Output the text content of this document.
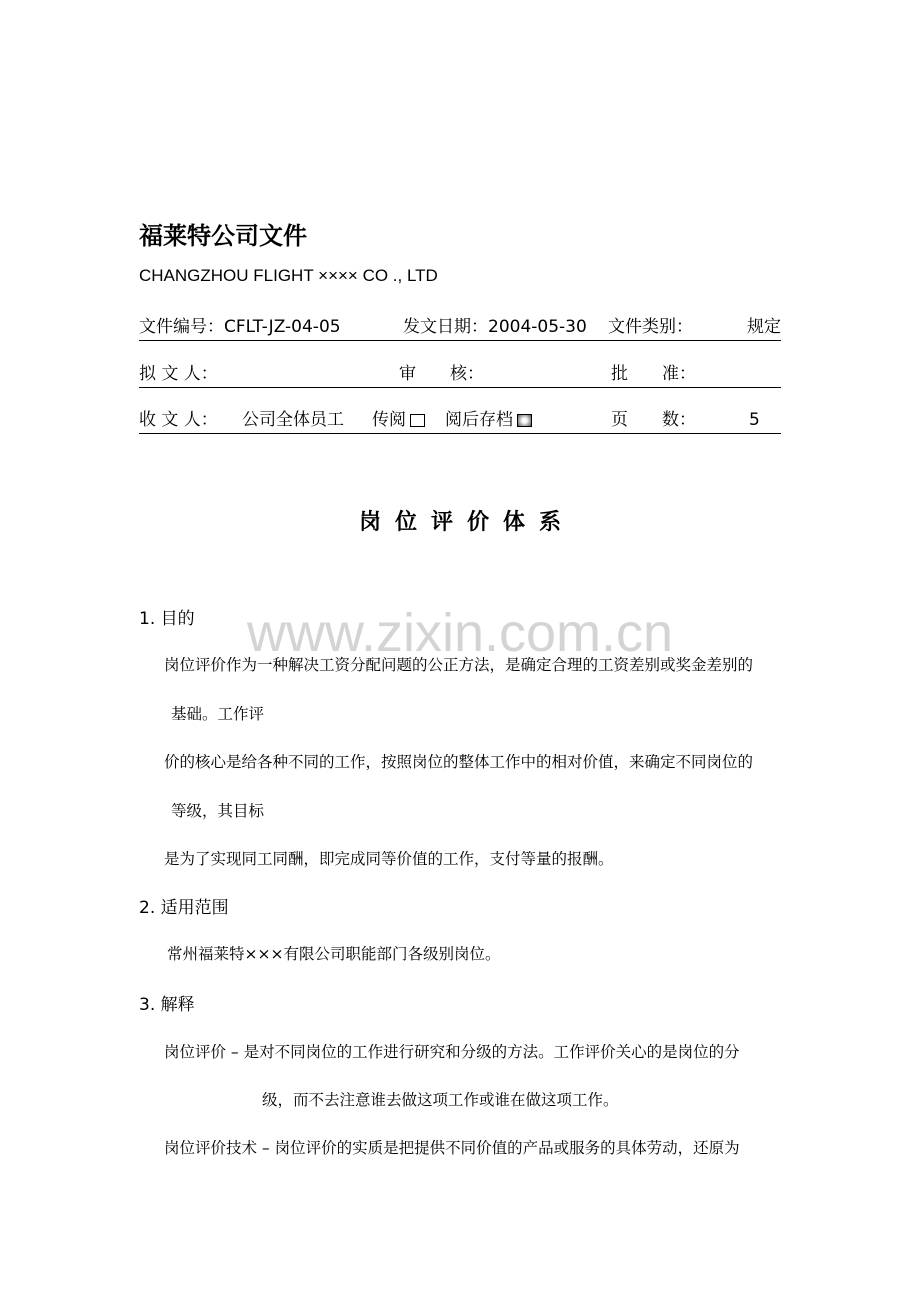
福莱特公司文件
CHANGZHOU FLIGHT ×××× CO ., LTD
文件编号：CFLT-JZ-04-05	发文日期：2004-05-30 文件类别：	规定
拟 文 人：	审　　核：	批　　准：
收 文 人： 公司全体员工 传阅 阅后存档	页　　数：	5
岗位评价体系
www.zixin.com.cn
1. 目的
岗位评价作为一种解决工资分配问题的公正方法，是确定合理的工资差别或奖金差别的
基础。工作评
价的核心是给各种不同的工作，按照岗位的整体工作中的相对价值，来确定不同岗位的
等级，其目标
是为了实现同工同酬，即完成同等价值的工作，支付等量的报酬。
2. 适用范围
常州福莱特×××有限公司职能部门各级别岗位。
3. 解释
岗位评价 – 是对不同岗位的工作进行研究和分级的方法。工作评价关心的是岗位的分
级，而不去注意谁去做这项工作或谁在做这项工作。
岗位评价技术 – 岗位评价的实质是把提供不同价值的产品或服务的具体劳动，还原为
